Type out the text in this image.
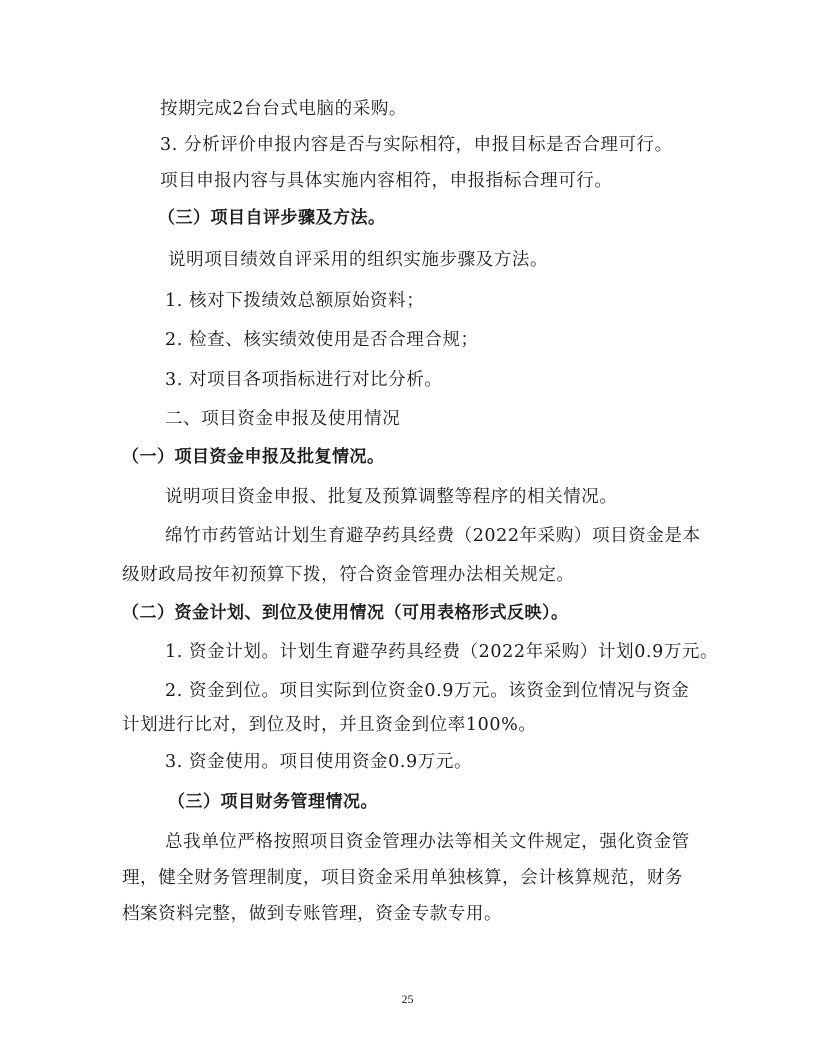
按期完成2台台式电脑的采购。
3. 分析评价申报内容是否与实际相符，申报目标是否合理可行。
项目申报内容与具体实施内容相符，申报指标合理可行。
（三）项目自评步骤及方法。
说明项目绩效自评采用的组织实施步骤及方法。
1. 核对下拨绩效总额原始资料；
2. 检查、核实绩效使用是否合理合规；
3. 对项目各项指标进行对比分析。
二、项目资金申报及使用情况
（一）项目资金申报及批复情况。
说明项目资金申报、批复及预算调整等程序的相关情况。
绵竹市药管站计划生育避孕药具经费（2022年采购）项目资金是本
级财政局按年初预算下拨，符合资金管理办法相关规定。
（二）资金计划、到位及使用情况（可用表格形式反映）。
1. 资金计划。计划生育避孕药具经费（2022年采购）计划0.9万元。
2. 资金到位。项目实际到位资金0.9万元。该资金到位情况与资金
计划进行比对，到位及时，并且资金到位率100%。
3. 资金使用。项目使用资金0.9万元。
（三）项目财务管理情况。
总我单位严格按照项目资金管理办法等相关文件规定，强化资金管
理，健全财务管理制度，项目资金采用单独核算，会计核算规范，财务
档案资料完整，做到专账管理，资金专款专用。
25
